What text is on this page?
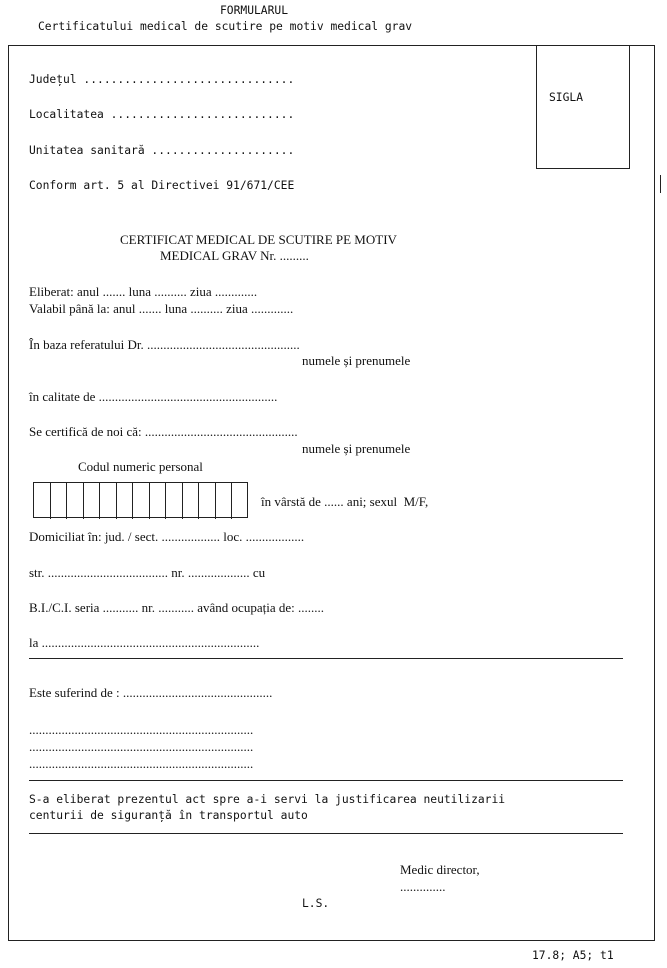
FORMULARUL
Certificatului medical de scutire pe motiv medical grav
SIGLA
Județul ...............................
Localitatea ...........................
Unitatea sanitară .....................
Conform art. 5 al Directivei 91/671/CEE
CERTIFICAT MEDICAL DE SCUTIRE PE MOTIV
MEDICAL GRAV Nr. .........
Eliberat: anul ....... luna .......... ziua .............
Valabil până la: anul ....... luna .......... ziua .............
În baza referatului Dr. ...............................................
numele și prenumele
în calitate de .......................................................
Se certifică de noi că: ...............................................
numele și prenumele
Codul numeric personal
în vârstă de ...... ani; sexul  M/F,
Domiciliat în: jud. / sect. .................. loc. ..................
str. ..................................... nr. ................... cu
B.I./C.I. seria ........... nr. ........... având ocupația de: ........
la ...................................................................
Este suferind de : ..............................................
.....................................................................
.....................................................................
.....................................................................
S-a eliberat prezentul act spre a-i servi la justificarea neutilizarii
centurii de siguranță în transportul auto
Medic director,
..............
L.S.
17.8; A5; t1
